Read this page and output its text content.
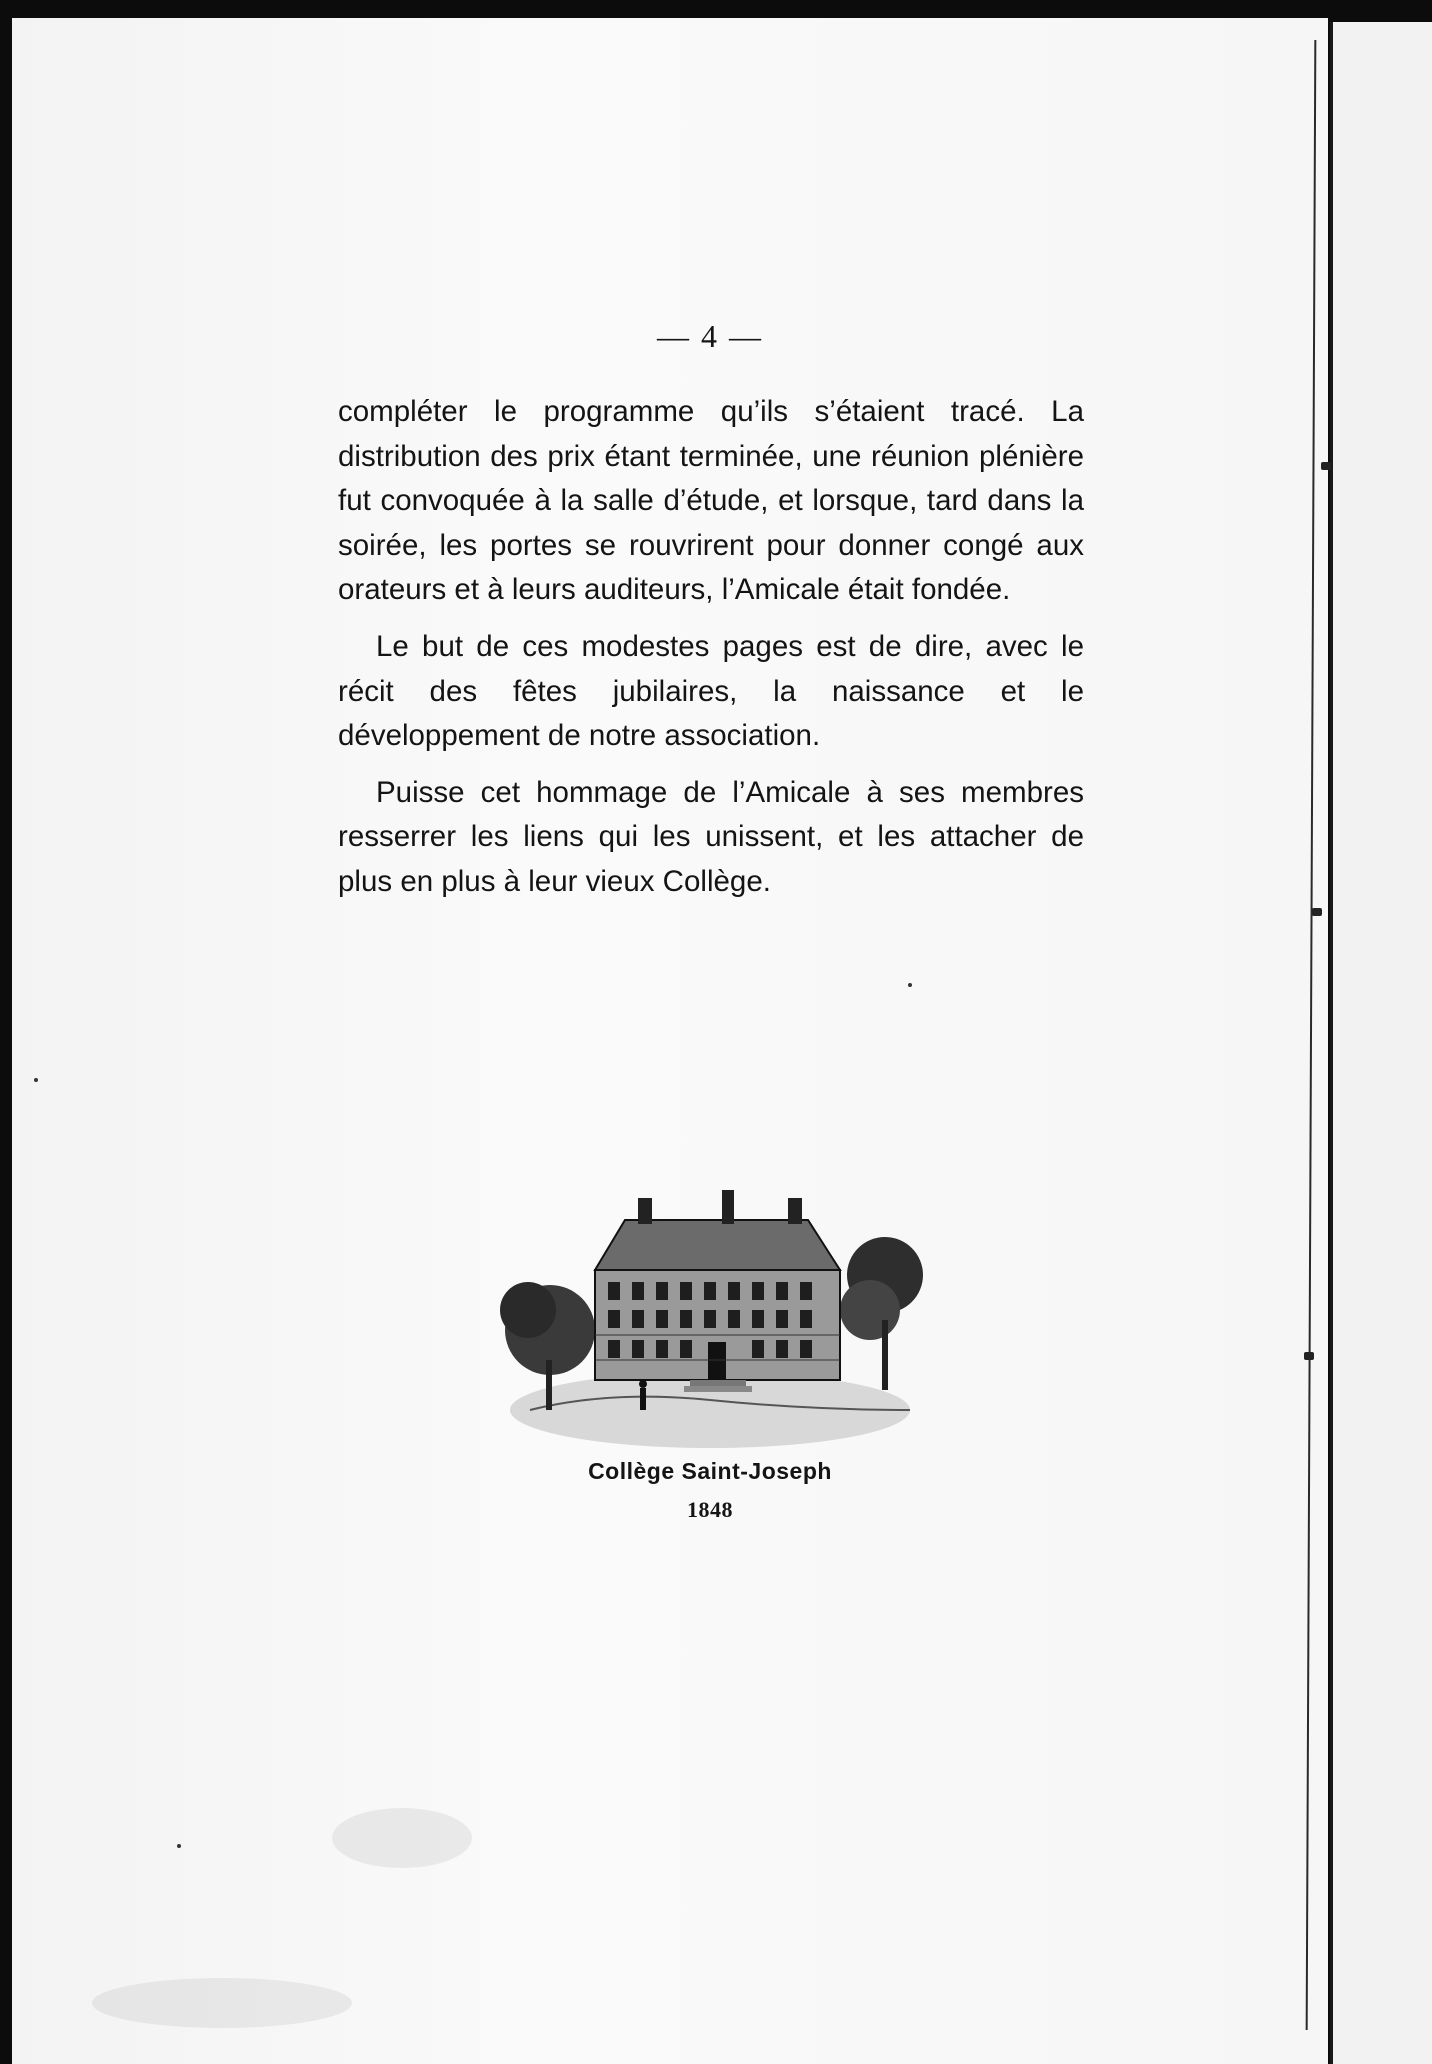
— 4 —

compléter le programme qu’ils s’étaient tracé. La distribution des prix étant terminée, une réunion plénière fut convoquée à la salle d’étude, et lorsque, tard dans la soirée, les portes se rouvrirent pour donner congé aux orateurs et à leurs auditeurs, l’Amicale était fondée.

Le but de ces modestes pages est de dire, avec le récit des fêtes jubilaires, la naissance et le développement de notre association.

Puisse cet hommage de l’Amicale à ses membres resserrer les liens qui les unissent, et les attacher de plus en plus à leur vieux Collège.

Collège Saint-Joseph
1848
